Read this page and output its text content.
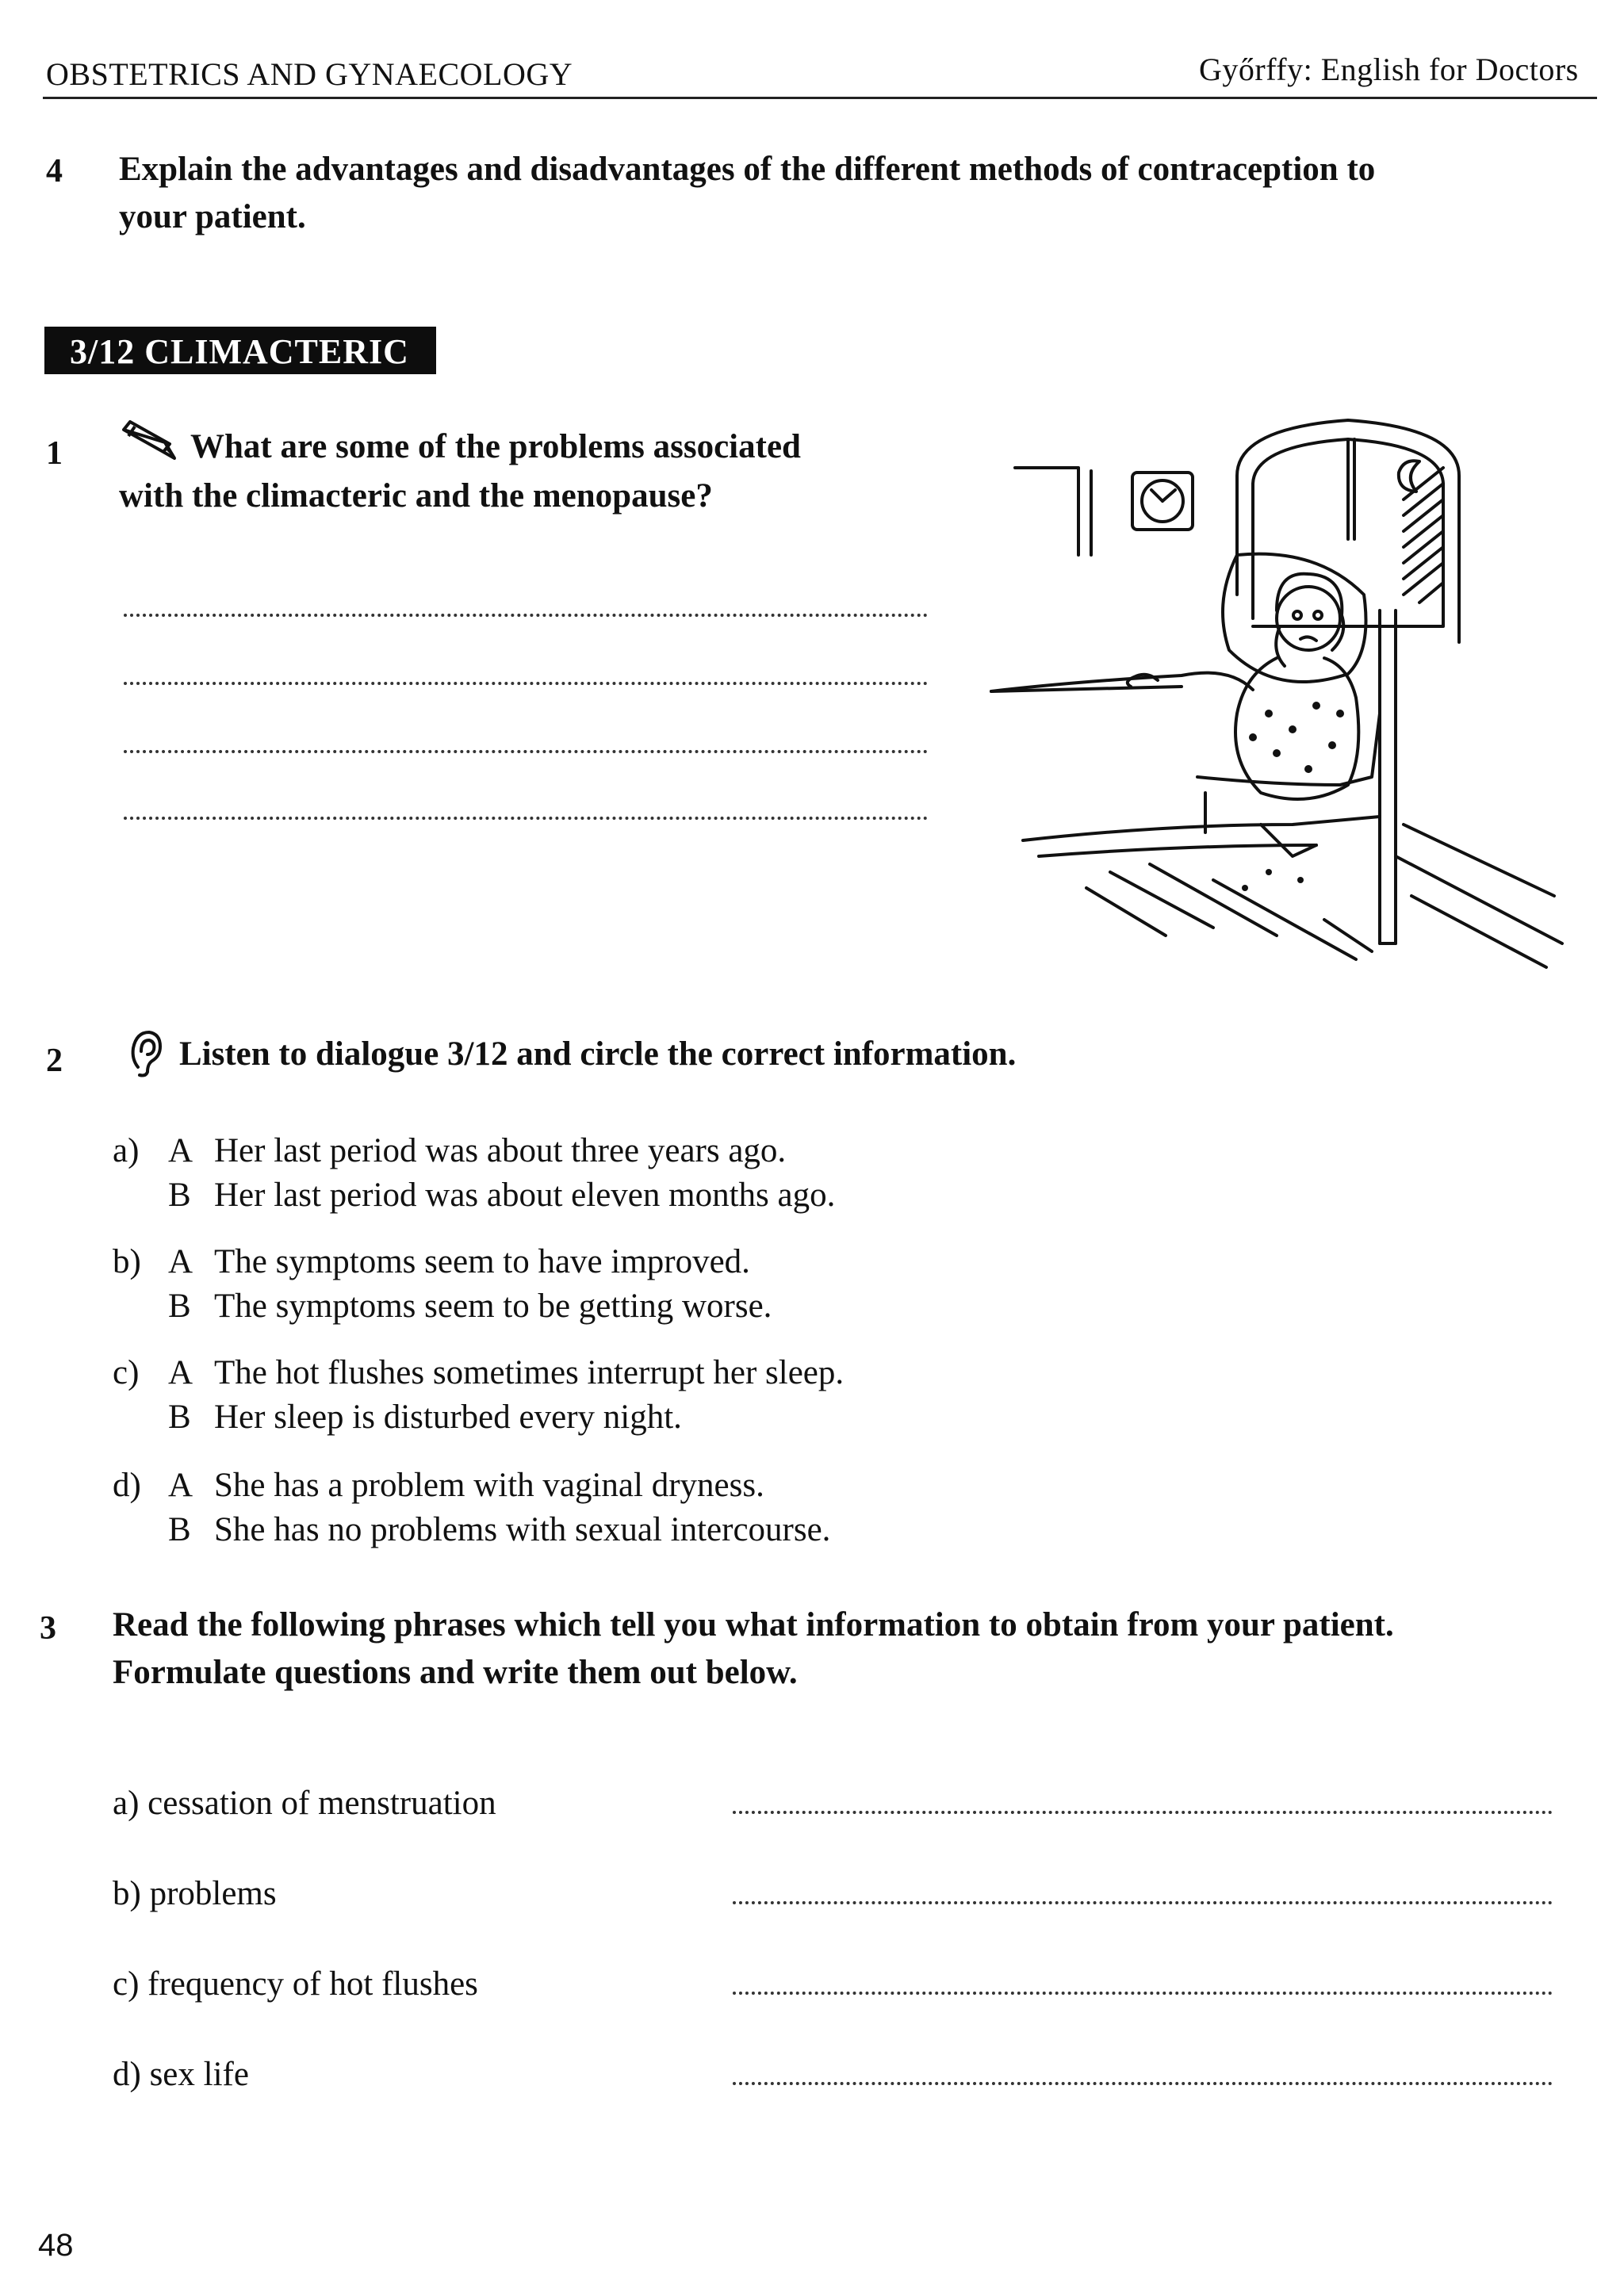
OBSTETRICS AND GYNAECOLOGY	Győrffy: English for Doctors
4 Explain the advantages and disadvantages of the different methods of contraception to
your patient.
3/12 CLIMACTERIC
1	What are some of the problems associated
with the climacteric and the menopause?
2	Listen to dialogue 3/12 and circle the correct information.
a) A Her last period was about three years ago.
B Her last period was about eleven months ago.
b) A The symptoms seem to have improved.
B The symptoms seem to be getting worse.
c) A The hot flushes sometimes interrupt her sleep.
B Her sleep is disturbed every night.
d) A She has a problem with vaginal dryness.
B She has no problems with sexual intercourse.
3 Read the following phrases which tell you what information to obtain from your patient.
Formulate questions and write them out below.
a) cessation of menstruation
b) problems
c) frequency of hot flushes
d) sex life
48
